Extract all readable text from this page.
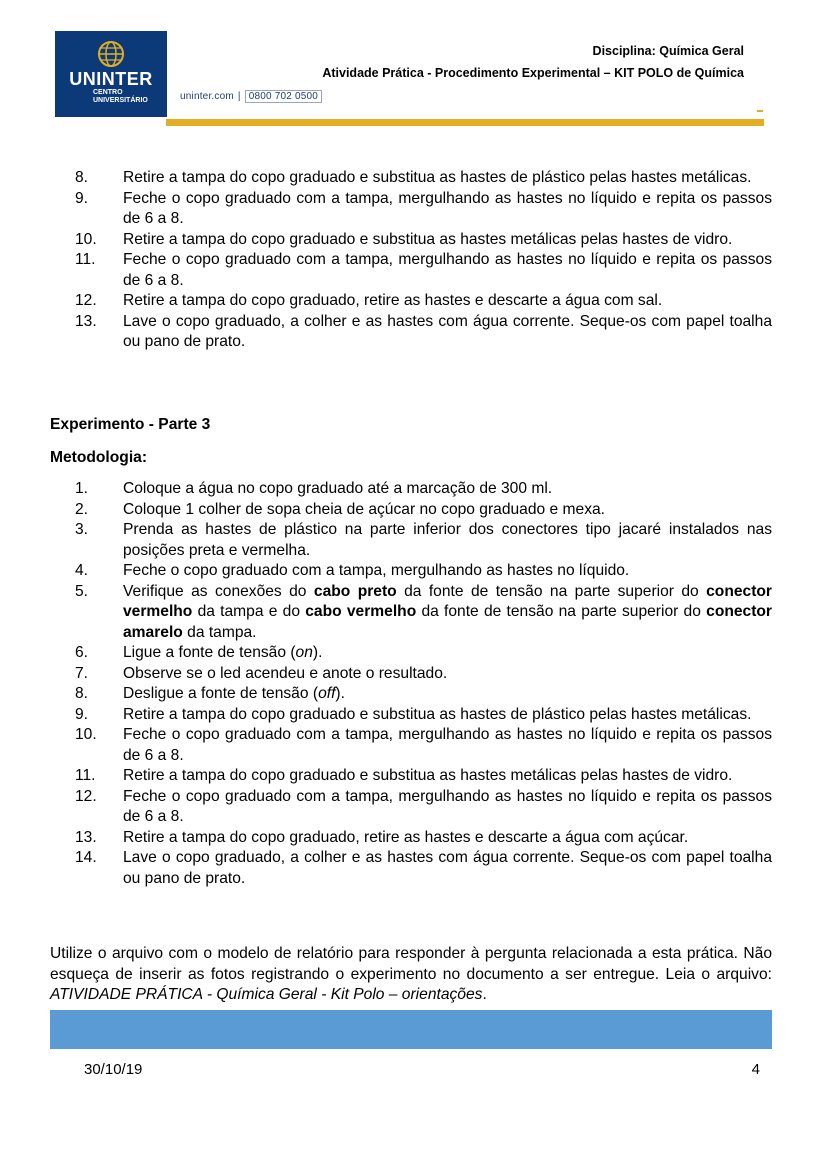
UNINTER
CENTRO
UNIVERSITÁRIO	uninter.com | 0800 702 0500
Disciplina: Química Geral
Atividade Prática - Procedimento Experimental – KIT POLO de Química
8.	Retire a tampa do copo graduado e substitua as hastes de plástico pelas hastes metálicas.
9.	Feche o copo graduado com a tampa, mergulhando as hastes no líquido e repita os passos de 6 a 8.
10.	Retire a tampa do copo graduado e substitua as hastes metálicas pelas hastes de vidro.
11.	Feche o copo graduado com a tampa, mergulhando as hastes no líquido e repita os passos de 6 a 8.
12.	Retire a tampa do copo graduado, retire as hastes e descarte a água com sal.
13.	Lave o copo graduado, a colher e as hastes com água corrente. Seque-os com papel toalha ou pano de prato.
Experimento - Parte 3
Metodologia:
1.	Coloque a água no copo graduado até a marcação de 300 ml.
2.	Coloque 1 colher de sopa cheia de açúcar no copo graduado e mexa.
3.	Prenda as hastes de plástico na parte inferior dos conectores tipo jacaré instalados nas posições preta e vermelha.
4.	Feche o copo graduado com a tampa, mergulhando as hastes no líquido.
5.	Verifique as conexões do cabo preto da fonte de tensão na parte superior do conector vermelho da tampa e do cabo vermelho da fonte de tensão na parte superior do conector amarelo da tampa.
6.	Ligue a fonte de tensão (on).
7.	Observe se o led acendeu e anote o resultado.
8.	Desligue a fonte de tensão (off).
9.	Retire a tampa do copo graduado e substitua as hastes de plástico pelas hastes metálicas.
10.	Feche o copo graduado com a tampa, mergulhando as hastes no líquido e repita os passos de 6 a 8.
11.	Retire a tampa do copo graduado e substitua as hastes metálicas pelas hastes de vidro.
12.	Feche o copo graduado com a tampa, mergulhando as hastes no líquido e repita os passos de 6 a 8.
13.	Retire a tampa do copo graduado, retire as hastes e descarte a água com açúcar.
14.	Lave o copo graduado, a colher e as hastes com água corrente. Seque-os com papel toalha ou pano de prato.
Utilize o arquivo com o modelo de relatório para responder à pergunta relacionada a esta prática. Não esqueça de inserir as fotos registrando o experimento no documento a ser entregue. Leia o arquivo: ATIVIDADE PRÁTICA - Química Geral - Kit Polo – orientações.
30/10/19	4
